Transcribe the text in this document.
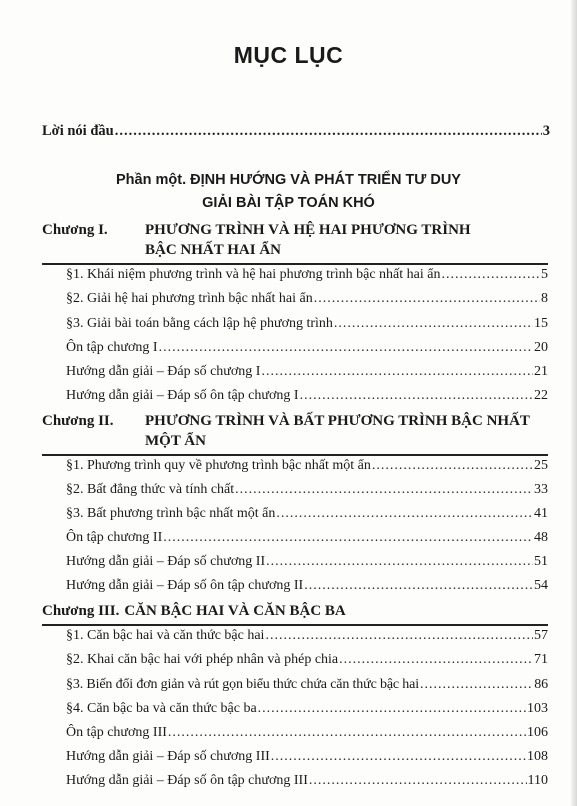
MỤC LỤC
Lời nói đầu .....	3
Phần một. ĐỊNH HƯỚNG VÀ PHÁT TRIỂN TƯ DUY
GIẢI BÀI TẬP TOÁN KHÓ
Chương I. PHƯƠNG TRÌNH VÀ HỆ HAI PHƯƠNG TRÌNH
BẬC NHẤT HAI ẨN
§1. Khái niệm phương trình và hệ hai phương trình bậc nhất hai ẩn .....	5
§2. Giải hệ hai phương trình bậc nhất hai ẩn .....	8
§3. Giải bài toán bằng cách lập hệ phương trình .....	15
Ôn tập chương I .....	20
Hướng dẫn giải – Đáp số chương I .....	21
Hướng dẫn giải – Đáp số ôn tập chương I .....	22
Chương II. PHƯƠNG TRÌNH VÀ BẤT PHƯƠNG TRÌNH BẬC NHẤT
MỘT ẨN
§1. Phương trình quy về phương trình bậc nhất một ẩn .....	25
§2. Bất đẳng thức và tính chất .....	33
§3. Bất phương trình bậc nhất một ẩn .....	41
Ôn tập chương II .....	48
Hướng dẫn giải – Đáp số chương II .....	51
Hướng dẫn giải – Đáp số ôn tập chương II .....	54
Chương III. CĂN BẬC HAI VÀ CĂN BẬC BA
§1. Căn bậc hai và căn thức bậc hai .....	57
§2. Khai căn bậc hai với phép nhân và phép chia .....	71
§3. Biến đổi đơn giản và rút gọn biểu thức chứa căn thức bậc hai .....	86
§4. Căn bậc ba và căn thức bậc ba .....	103
Ôn tập chương III .....	106
Hướng dẫn giải – Đáp số chương III .....	108
Hướng dẫn giải – Đáp số ôn tập chương III .....	110
